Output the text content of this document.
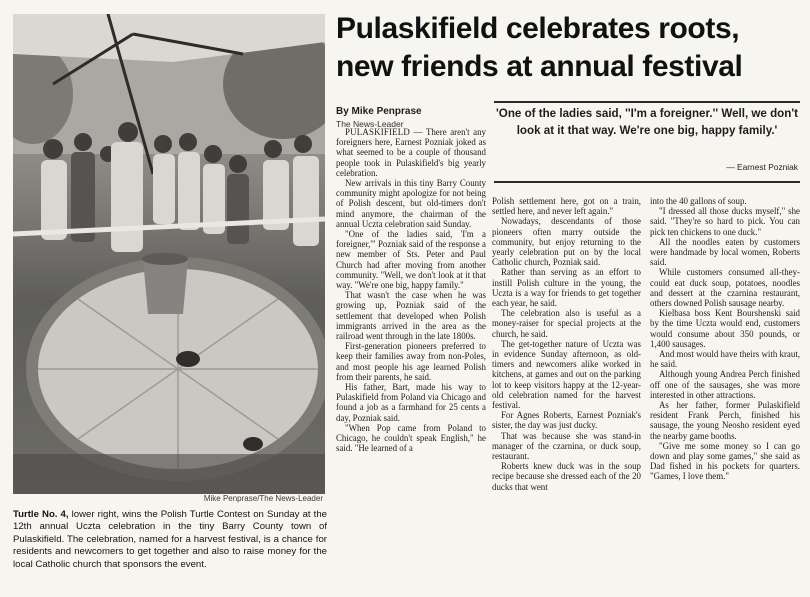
Mike Penprase/The News-Leader
Turtle No. 4, lower right, wins the Polish Turtle Contest on Sunday at the 12th annual Uczta celebration in the tiny Barry County town of Pulaskifield. The celebration, named for a harvest festival, is a chance for residents and newcomers to get together and also to raise money for the local Catholic church that sponsors the event.
Pulaskifield celebrates roots,
new friends at annual festival
By Mike Penprase
The News-Leader
'One of the ladies said, ''I'm a foreigner.'' Well, we don't look at it that way. We're one big, happy family.'
— Earnest Pozniak

PULASKIFIELD — There aren't any foreigners here, Earnest Pozniak joked as what seemed to be a couple of thousand people took in Pulaskifield's big yearly celebration.

New arrivals in this tiny Barry County community might apologize for not being of Polish descent, but old-timers don't mind anymore, the chairman of the annual Uczta celebration said Sunday.

"One of the ladies said, 'I'm a foreigner,'" Pozniak said of the response a new member of Sts. Peter and Paul Church had after moving from another community. "Well, we don't look at it that way. "We're one big, happy family."

That wasn't the case when he was growing up, Pozniak said of the settlement that developed when Polish immigrants arrived in the area as the railroad went through in the late 1800s.

First-generation pioneers preferred to keep their families away from non-Poles, and most people his age learned Polish from their parents, he said.

His father, Bart, made his way to Pulaskifield from Poland via Chicago and found a job as a farmhand for 25 cents a day, Pozniak said.

"When Pop came from Poland to Chicago, he couldn't speak English," he said. "He learned of a

Polish settlement here, got on a train, settled here, and never left again."

Nowadays, descendants of those pioneers often marry outside the community, but enjoy returning to the yearly celebration put on by the local Catholic church, Pozniak said.

Rather than serving as an effort to instill Polish culture in the young, the Uczta is a way for friends to get together each year, he said.

The celebration also is useful as a money-raiser for special projects at the church, he said.

The get-together nature of Uczta was in evidence Sunday afternoon, as old-timers and newcomers alike worked in kitchens, at games and out on the parking lot to keep visitors happy at the 12-year-old celebration named for the harvest festival.

For Agnes Roberts, Earnest Pozniak's sister, the day was just ducky.

That was because she was stand-in manager of the czarnina, or duck soup, restaurant.

Roberts knew duck was in the soup recipe because she dressed each of the 20 ducks that went

into the 40 gallons of soup.

"I dressed all those ducks myself," she said. "They're so hard to pick. You can pick ten chickens to one duck."

All the noodles eaten by customers were handmade by local women, Roberts said.

While customers consumed all-they-could eat duck soup, potatoes, noodles and dessert at the czarnina restaurant, others downed Polish sausage nearby.

Kielbasa boss Kent Bourshenski said by the time Uczta would end, customers would consume about 350 pounds, or 1,400 sausages.

And most would have theirs with kraut, he said.

Although young Andrea Perch finished off one of the sausages, she was more interested in other attractions.

As her father, former Pulaskifield resident Frank Perch, finished his sausage, the young Neosho resident eyed the nearby game booths.

"Give me some money so I can go down and play some games," she said as Dad fished in his pockets for quarters. "Games, I love them."
